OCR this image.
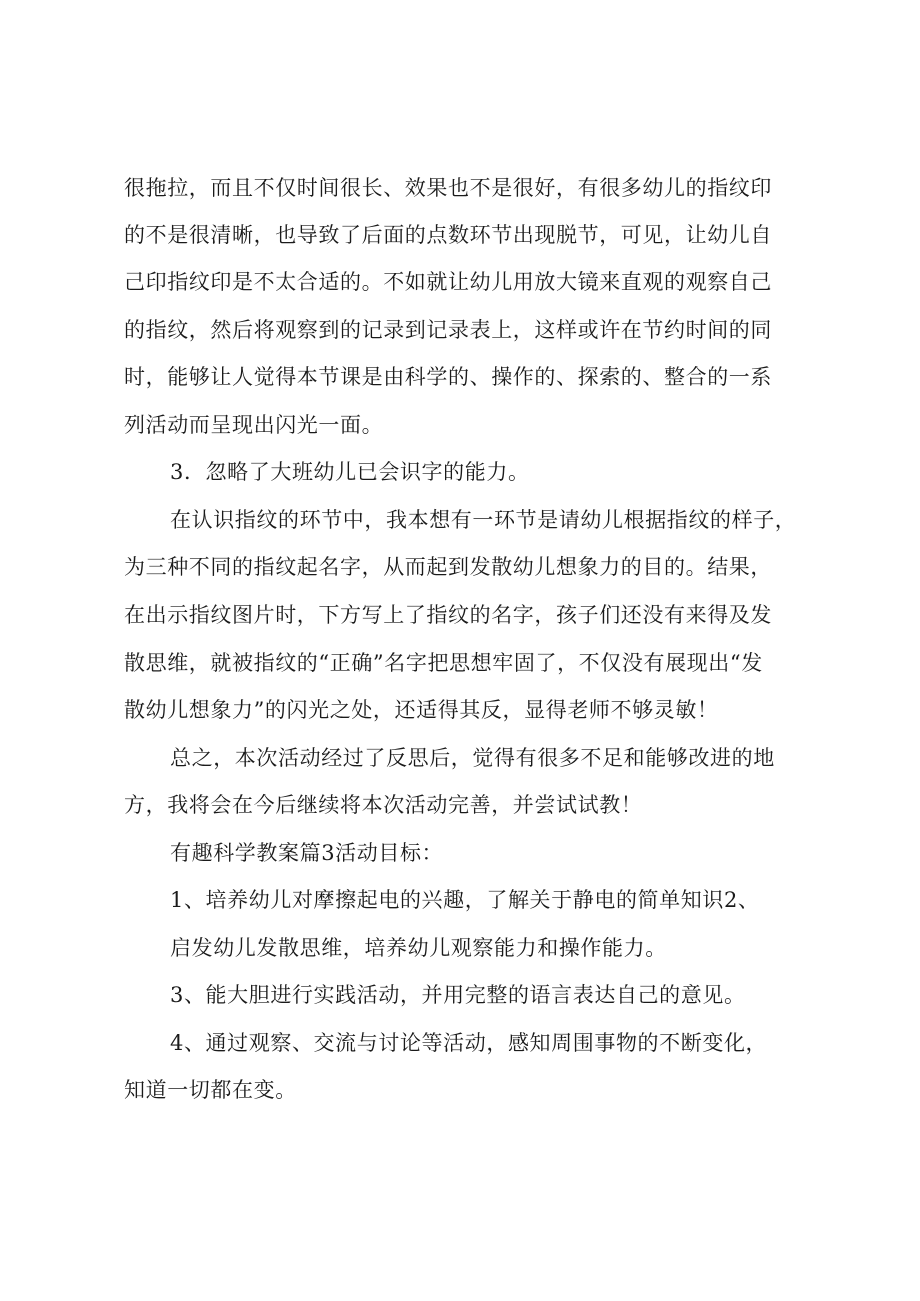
很拖拉，而且不仅时间很长、效果也不是很好，有很多幼儿的指纹印
的不是很清晰，也导致了后面的点数环节出现脱节，可见，让幼儿自
己印指纹印是不太合适的。不如就让幼儿用放大镜来直观的观察自己
的指纹，然后将观察到的记录到记录表上，这样或许在节约时间的同
时，能够让人觉得本节课是由科学的、操作的、探索的、整合的一系
列活动而呈现出闪光一面。
3．忽略了大班幼儿已会识字的能力。
在认识指纹的环节中，我本想有一环节是请幼儿根据指纹的样子，
为三种不同的指纹起名字，从而起到发散幼儿想象力的目的。结果，
在出示指纹图片时，下方写上了指纹的名字，孩子们还没有来得及发
散思维，就被指纹的“正确”名字把思想牢固了，不仅没有展现出“发
散幼儿想象力”的闪光之处，还适得其反，显得老师不够灵敏！
总之，本次活动经过了反思后，觉得有很多不足和能够改进的地
方，我将会在今后继续将本次活动完善，并尝试试教！
有趣科学教案篇3活动目标：
1、培养幼儿对摩擦起电的兴趣，了解关于静电的简单知识2、
启发幼儿发散思维，培养幼儿观察能力和操作能力。
3、能大胆进行实践活动，并用完整的语言表达自己的意见。
4、通过观察、交流与讨论等活动，感知周围事物的不断变化，
知道一切都在变。
